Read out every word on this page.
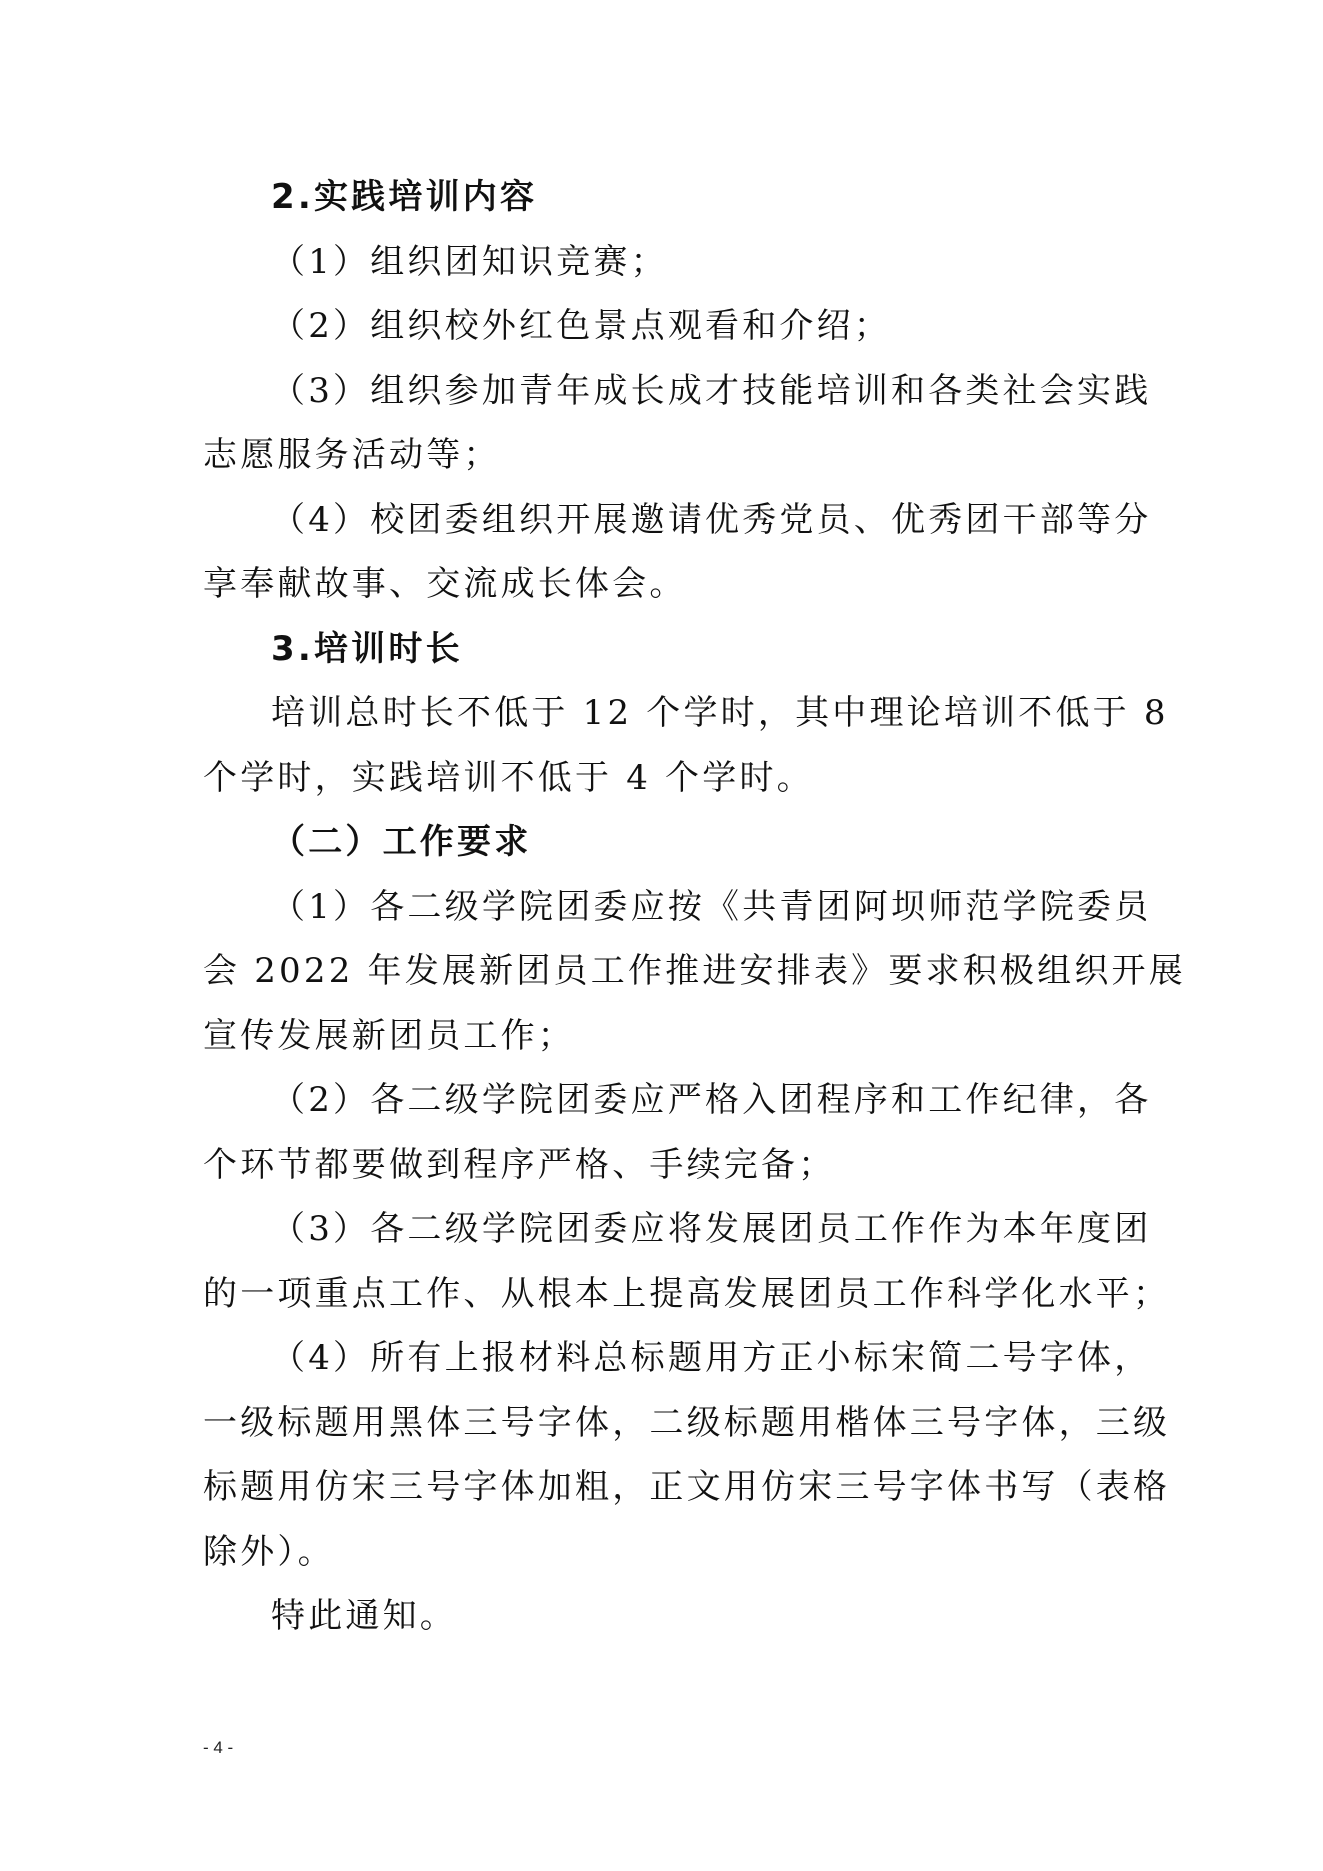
2.实践培训内容
（1）组织团知识竞赛；
（2）组织校外红色景点观看和介绍；
（3）组织参加青年成长成才技能培训和各类社会实践
志愿服务活动等；
（4）校团委组织开展邀请优秀党员、优秀团干部等分
享奉献故事、交流成长体会。
3.培训时长
培训总时长不低于 12 个学时，其中理论培训不低于 8
个学时，实践培训不低于 4 个学时。
（二）工作要求
（1）各二级学院团委应按《共青团阿坝师范学院委员
会 2022 年发展新团员工作推进安排表》要求积极组织开展
宣传发展新团员工作；
（2）各二级学院团委应严格入团程序和工作纪律，各
个环节都要做到程序严格、手续完备；
（3）各二级学院团委应将发展团员工作作为本年度团
的一项重点工作、从根本上提高发展团员工作科学化水平；
（4）所有上报材料总标题用方正小标宋简二号字体，
一级标题用黑体三号字体，二级标题用楷体三号字体，三级
标题用仿宋三号字体加粗，正文用仿宋三号字体书写（表格
除外）。
特此通知。
- 4 -
